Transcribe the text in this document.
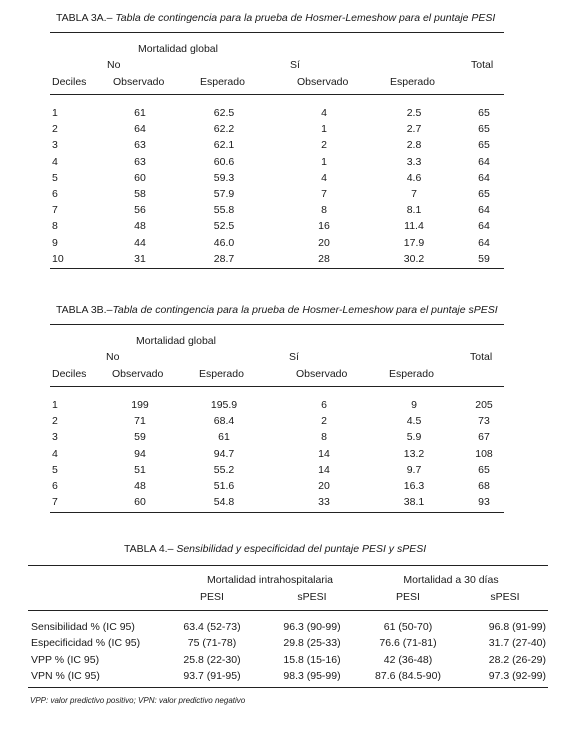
TABLA 3A.– Tabla de contingencia para la prueba de Hosmer-Lemeshow para el puntaje PESI
Mortalidad global
No	Sí	Total
Deciles	Observado	Esperado	Observado	Esperado
1	61	62.5	4	2.5	65
2	64	62.2	1	2.7	65
3	63	62.1	2	2.8	65
4	63	60.6	1	3.3	64
5	60	59.3	4	4.6	64
6	58	57.9	7	7	65
7	56	55.8	8	8.1	64
8	48	52.5	16	11.4	64
9	44	46.0	20	17.9	64
10	31	28.7	28	30.2	59
TABLA 3B.–Tabla de contingencia para la prueba de Hosmer-Lemeshow para el puntaje sPESI
Mortalidad global
No	Sí	Total
Deciles Observado	Esperado	Observado	Esperado
1	199	195.9	6	9	205
2	71	68.4	2	4.5	73
3	59	61	8	5.9	67
4	94	94.7	14	13.2	108
5	51	55.2	14	9.7	65
6	48	51.6	20	16.3	68
7	60	54.8	33	38.1	93
TABLA 4.– Sensibilidad y especificidad del puntaje PESI y sPESI
Mortalidad intrahospitalaria	Mortalidad a 30 días
PESI	sPESI	PESI	sPESI
Sensibilidad % (IC 95)	63.4 (52-73)	96.3 (90-99)	61 (50-70)	96.8 (91-99)
Especificidad % (IC 95)	75 (71-78)	29.8 (25-33)	76.6 (71-81)	31.7 (27-40)
VPP % (IC 95)	25.8 (22-30)	15.8 (15-16)	42 (36-48)	28.2 (26-29)
VPN % (IC 95)	93.7 (91-95)	98.3 (95-99)	87.6 (84.5-90)	97.3 (92-99)
VPP: valor predictivo positivo; VPN: valor predictivo negativo
